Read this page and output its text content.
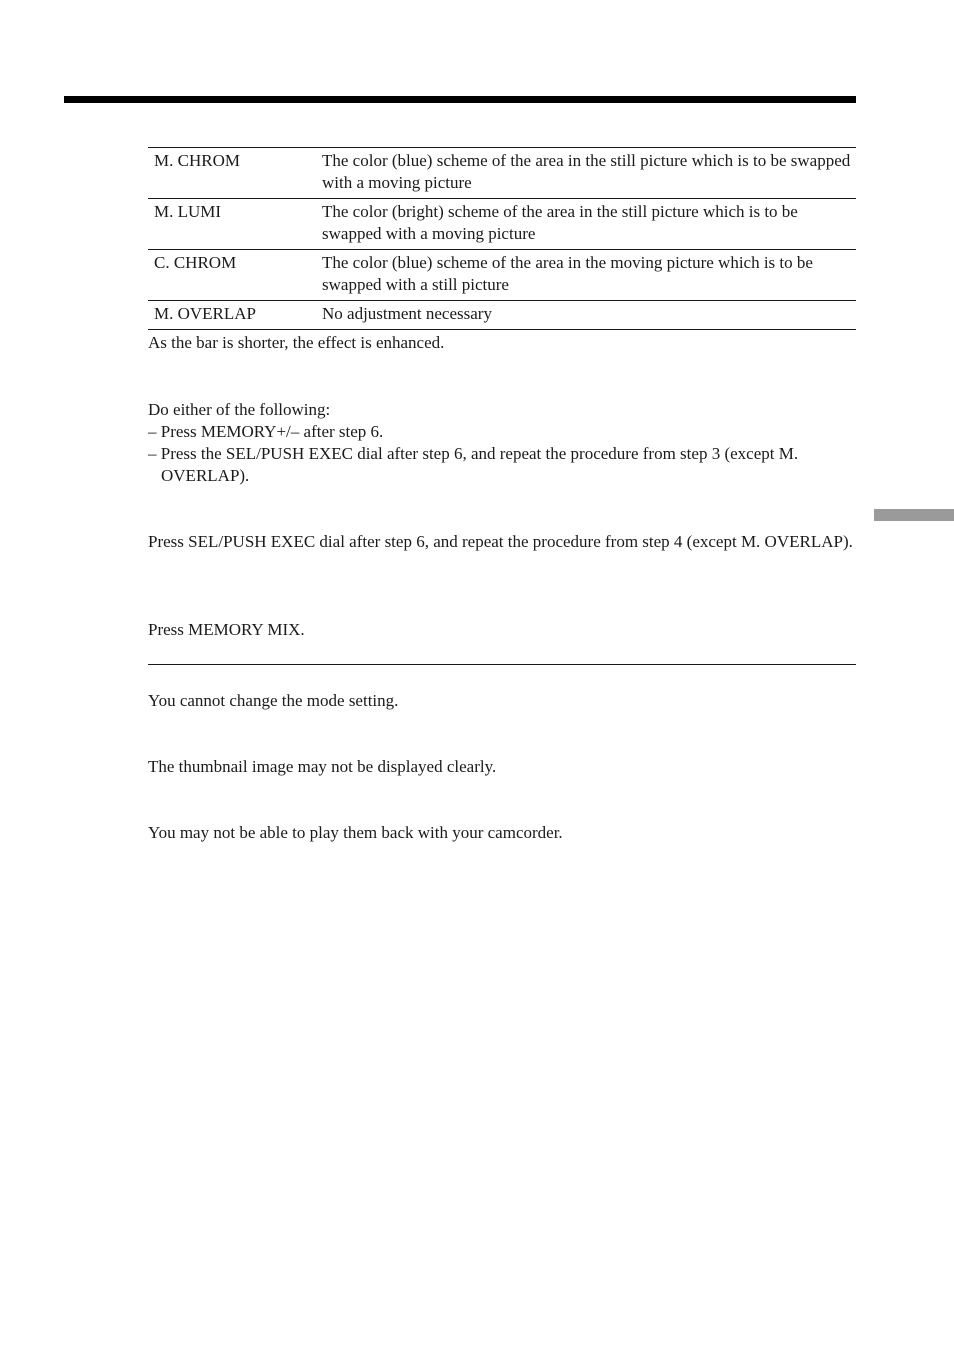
M. CHROM	The color (blue) scheme of the area in the still picture which is to be swapped with a moving picture
M. LUMI	The color (bright) scheme of the area in the still picture which is to be swapped with a moving picture
C. CHROM	The color (blue) scheme of the area in the moving picture which is to be swapped with a still picture
M. OVERLAP	No adjustment necessary

As the bar is shorter, the effect is enhanced.

Do either of the following:
– Press MEMORY+/– after step 6.
– Press the SEL/PUSH EXEC dial after step 6, and repeat the procedure from step 3 (except M. OVERLAP).

Press SEL/PUSH EXEC dial after step 6, and repeat the procedure from step 4 (except M. OVERLAP).

Press MEMORY MIX.

You cannot change the mode setting.

The thumbnail image may not be displayed clearly.

You may not be able to play them back with your camcorder.
